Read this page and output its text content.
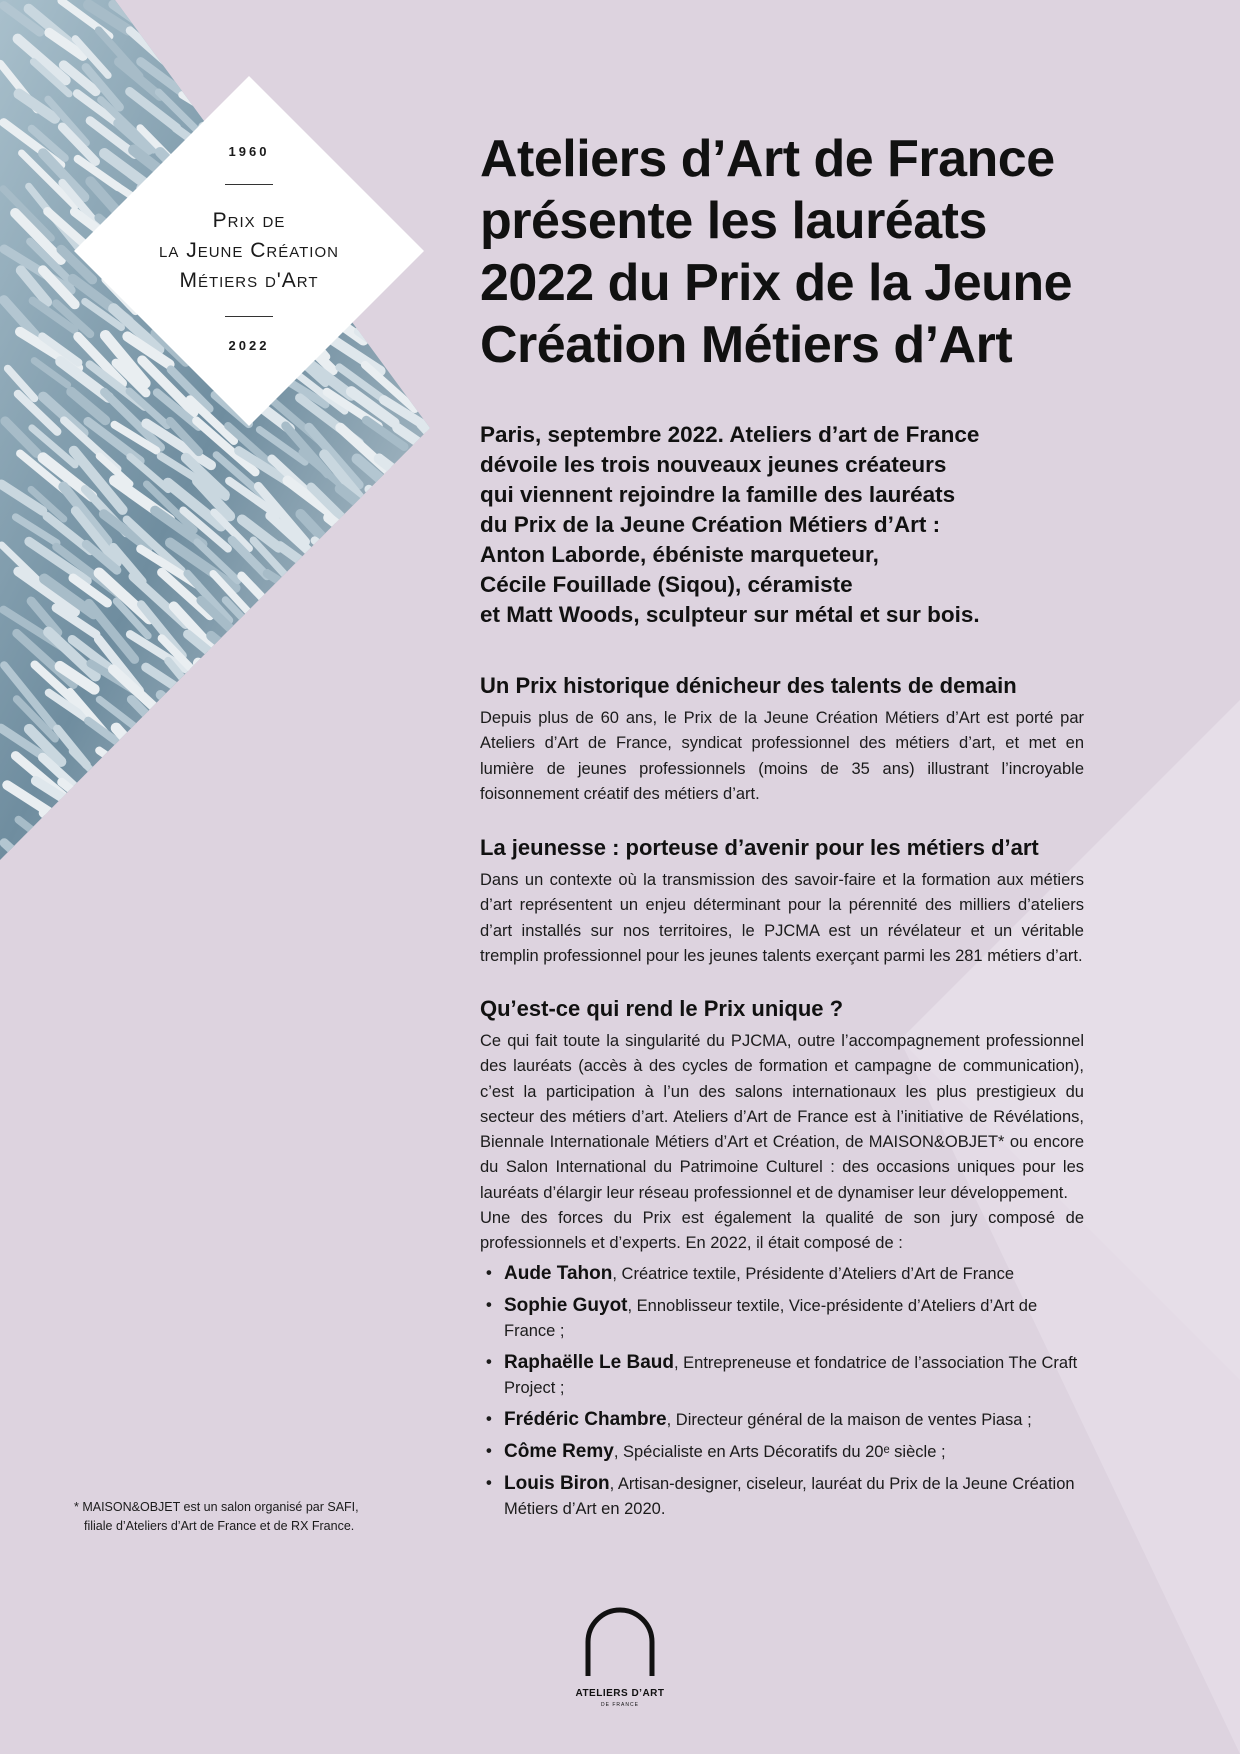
1960
Prix de
la Jeune Création
Métiers d'Art
2022
Ateliers d’Art de France
présente les lauréats
2022 du Prix de la Jeune
Création Métiers d’Art

Paris, septembre 2022. Ateliers d’art de France
dévoile les trois nouveaux jeunes créateurs
qui viennent rejoindre la famille des lauréats
du Prix de la Jeune Création Métiers d’Art :
Anton Laborde, ébéniste marqueteur,
Cécile Fouillade (Siqou), céramiste
et Matt Woods, sculpteur sur métal et sur bois.

Un Prix historique dénicheur des talents de demain

Depuis plus de 60 ans, le Prix de la Jeune Création Métiers d’Art est porté par Ateliers d’Art de France, syndicat professionnel des métiers d’art, et met en lumière de jeunes professionnels (moins de 35 ans) illustrant l’incroyable foisonnement créatif des métiers d’art.

La jeunesse : porteuse d’avenir pour les métiers d’art

Dans un contexte où la transmission des savoir-faire et la formation aux métiers d’art représentent un enjeu déterminant pour la pérennité des milliers d’ateliers d’art installés sur nos territoires, le PJCMA est un révélateur et un véritable tremplin professionnel pour les jeunes talents exerçant parmi les 281 métiers d’art.

Qu’est-ce qui rend le Prix unique ?

Ce qui fait toute la singularité du PJCMA, outre l’accompagnement professionnel des lauréats (accès à des cycles de formation et campagne de communication), c’est la participation à l’un des salons internationaux les plus prestigieux du secteur des métiers d’art. Ateliers d’Art de France est à l’initiative de Révélations, Biennale Internationale Métiers d’Art et Création, de MAISON&OBJET* ou encore du Salon International du Patrimoine Culturel : des occasions uniques pour les lauréats d’élargir leur réseau professionnel et de dynamiser leur développement.

Une des forces du Prix est également la qualité de son jury composé de professionnels et d’experts. En 2022, il était composé de :

• Aude Tahon, Créatrice textile, Présidente d’Ateliers d’Art de France
• Sophie Guyot, Ennoblisseur textile, Vice-présidente d’Ateliers d’Art de France ;
• Raphaëlle Le Baud, Entrepreneuse et fondatrice de l’association The Craft Project ;
• Frédéric Chambre, Directeur général de la maison de ventes Piasa ;
• Côme Remy, Spécialiste en Arts Décoratifs du 20ᵉ siècle ;
• Louis Biron, Artisan-designer, ciseleur, lauréat du Prix de la Jeune Création Métiers d’Art en 2020.
* MAISON&OBJET est un salon organisé par SAFI,
filiale d’Ateliers d’Art de France et de RX France.
ATELIERS D’ART
DE FRANCE
